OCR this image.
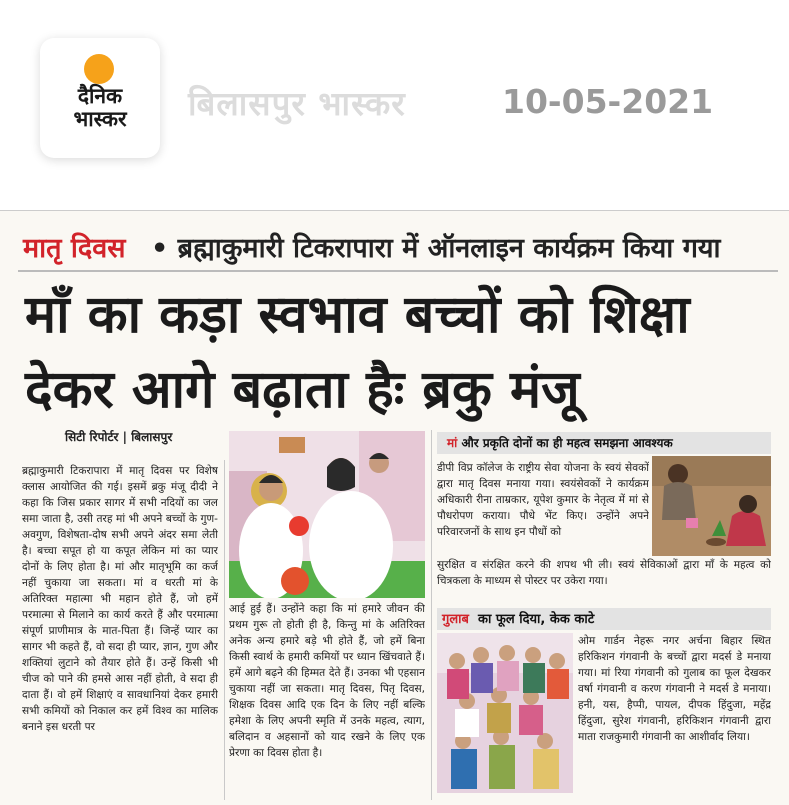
दैनिक
भास्कर	बिलासपुर भास्कर	10-05-2021
मातृ दिवस • ब्रह्माकुमारी टिकरापारा में ऑनलाइन कार्यक्रम किया गया
माँ का कड़ा स्वभाव बच्चों को शिक्षा
देकर आगे बढ़ाता हैः ब्रकु मंजू
सिटी रिपोर्टर | बिलासपुर
ब्रह्माकुमारी टिकरापारा में मातृ दिवस पर विशेष क्लास आयोजित की गई। इसमें ब्रकु मंजू दीदी ने कहा कि जिस प्रकार सागर में सभी नदियों का जल समा जाता है, उसी तरह मां भी अपने बच्चों के गुण-अवगुण, विशेषता-दोष सभी अपने अंदर समा लेती है। बच्चा सपूत हो या कपूत लेकिन मां का प्यार दोनों के लिए होता है। मां और मातृभूमि का कर्ज नहीं चुकाया जा सकता। मां व धरती मां के अतिरिक्त महात्मा भी महान होते हैं, जो हमें परमात्मा से मिलाने का कार्य करते हैं और परमात्मा संपूर्ण प्राणीमात्र के मात-पिता हैं। जिन्हें प्यार का सागर भी कहते हैं, वो सदा ही प्यार, ज्ञान, गुण और शक्तियां लुटाने को तैयार होते हैं। उन्हें किसी भी चीज को पाने की हमसे आस नहीं होती, वे सदा ही दाता हैं। वो हमें शिक्षाएं व सावधानियां देकर हमारी सभी कमियों को निकाल कर हमें विश्व का मालिक बनाने इस धरती पर
आई हुई हैं। उन्होंने कहा कि मां हमारे जीवन की प्रथम गुरू तो होती ही है, किन्तु मां के अतिरिक्त अनेक अन्य हमारे बड़े भी होते हैं, जो हमें बिना किसी स्वार्थ के हमारी कमियों पर ध्यान खिंचवाते हैं। हमें आगे बढ़ने की हिम्मत देते हैं। उनका भी एहसान चुकाया नहीं जा सकता। मातृ दिवस, पितृ दिवस, शिक्षक दिवस आदि एक दिन के लिए नहीं बल्कि हमेशा के लिए अपनी स्मृति में उनके महत्व, त्याग, बलिदान व अहसानों को याद रखने के लिए एक प्रेरणा का दिवस होता है।
मां और प्रकृति दोनों का ही महत्व समझना आवश्यक
डीपी विप्र कॉलेज के राष्ट्रीय सेवा योजना के स्वयं सेवकों द्वारा मातृ दिवस मनाया गया। स्वयंसेवकों ने कार्यक्रम अधिकारी रीना ताम्रकार, यूपेश कुमार के नेतृत्व में मां से पौधरोपण कराया। पौधे भेंट किए। उन्होंने अपने परिवारजनों के साथ इन पौधों को
सुरक्षित व संरक्षित करने की शपथ भी ली। स्वयं सेविकाओं द्वारा माँ के महत्व को चित्रकला के माध्यम से पोस्टर पर उकेरा गया।
गुलाब का फूल दिया, केक काटे
ओम गार्डन नेहरू नगर अर्चना बिहार स्थित हरिकिशन गंगवानी के बच्चों द्वारा मदर्स डे मनाया गया। मां रिया गंगवानी को गुलाब का फूल देखकर वर्षा गंगवानी व करण गंगवानी ने मदर्स डे मनाया। हनी, यस, हैप्पी, पायल, दीपक हिंदुजा, महेंद्र हिंदुजा, सुरेश गंगवानी, हरिकिशन गंगवानी द्वारा माता राजकुमारी गंगवानी का आशीर्वाद लिया।
